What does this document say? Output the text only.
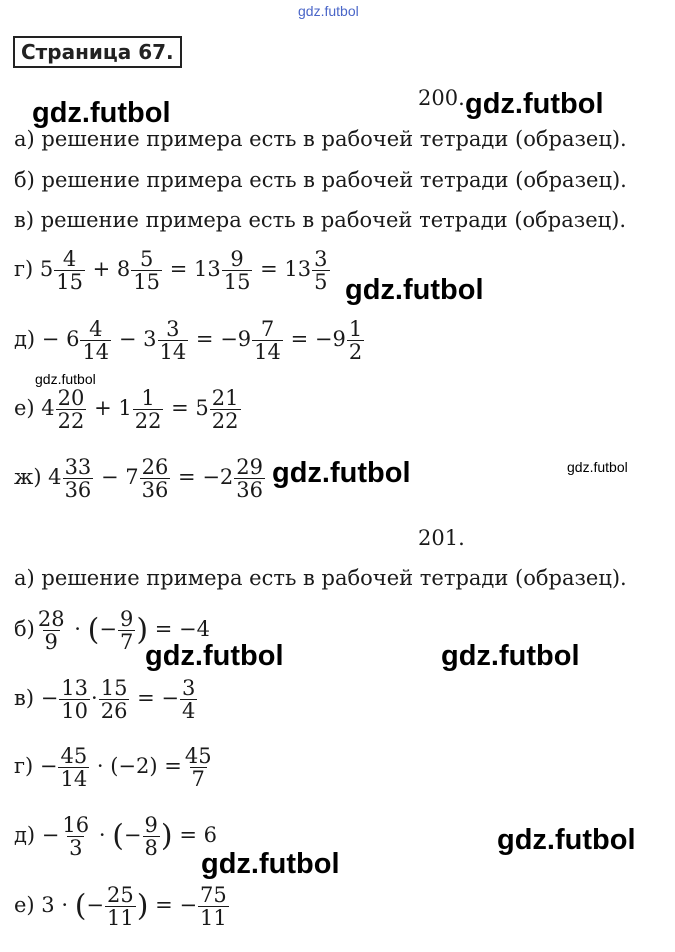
gdz.futbol
gdz.futbol	gdz.futbol
gdz.futbol
gdz.futbol
gdz.futbol	gdz.futbol
gdz.futbol	gdz.futbol
gdz.futbol
gdz.futbol
Страница 67.
200.
а) решение примера есть в рабочей тетради (образец).
б) решение примера есть в рабочей тетради (образец).
в) решение примера есть в рабочей тетради (образец).
г) $5 \frac{4}{15} + 8 \frac{5}{15} = 13 \frac{9}{15} = 13 \frac{3}{5}$
$д) - 6 \frac{4}{14} - 3 \frac{3}{14} = -9 \frac{7}{14} = -9 \frac{1}{2}$
е) $4 \frac{20}{22} + 1 \frac{1}{22} = 5 \frac{21}{22}$
ж) $4 \frac{33}{36} - 7 \frac{26}{36} = -2 \frac{29}{36}$
201.
а) решение примера есть в рабочей тетради (образец).
$б) \frac{28}{9}$ · (− $\frac{9}{7}$ ) = −4
$в) - \frac{13}{10} \cdot \frac{15}{26}$ = − $\frac{3}{4}$
$г) - \frac{45}{14} \cdot (-2) = \frac{45}{7}$
$д) - \frac{16}{3}$ · (− $\frac{9}{8}$ ) = 6
е) 3 · (− $\frac{25}{11}$ ) = − $\frac{75}{11}$
